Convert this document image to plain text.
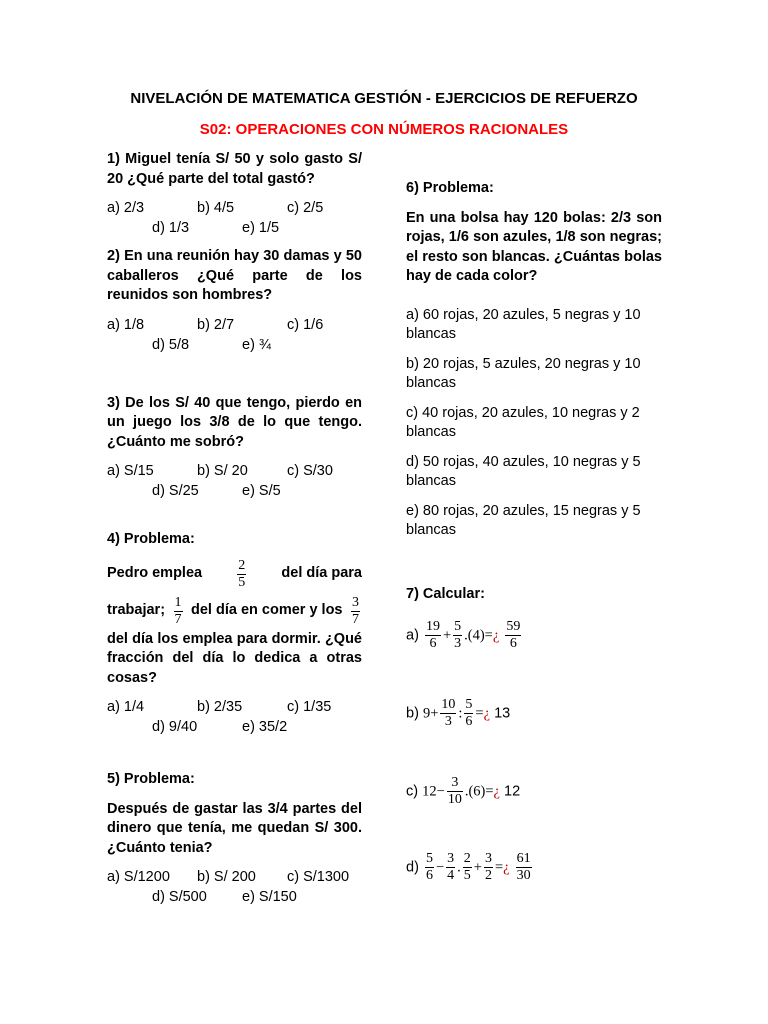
NIVELACIÓN DE MATEMATICA GESTIÓN - EJERCICIOS DE REFUERZO
S02: OPERACIONES CON NÚMEROS RACIONALES

1) Miguel tenía S/ 50 y solo gasto S/ 20 ¿Qué parte del total gastó?

a) 2/3	b) 4/5	c) 2/5
d) 1/3	e) 1/5

2) En una reunión hay 30 damas y 50 caballeros ¿Qué parte de los reunidos son hombres?

a) 1/8	b) 2/7	c) 1/6
d) 5/8	e) ¾

3) De los S/ 40 que tengo, pierdo en un juego los 3/8 de lo que tengo. ¿Cuánto me sobró?

a) S/15	b) S/ 20	c) S/30
d) S/25	e) S/5

4) Problema:

Pedro emplea	$\frac{2}{5}$ del día para
trabajar; $\frac{1}{7}$ del día en comer y los $\frac{3}{7}$

del día los emplea para dormir. ¿Qué fracción del día lo dedica a otras cosas?

a) 1/4	b) 2/35	c) 1/35
d) 9/40	e) 35/2

5) Problema:

Después de gastar las 3/4 partes del dinero que tenía, me quedan S/ 300. ¿Cuánto tenia?

a) S/1200 b) S/ 200 c) S/1300
d) S/500 e) S/150

6) Problema:

En una bolsa hay 120 bolas: 2/3 son rojas, 1/6 son azules, 1/8 son negras; el resto son blancas. ¿Cuántas bolas hay de cada color?

a) 60 rojas, 20 azules, 5 negras y 10 blancas

b) 20 rojas, 5 azules, 20 negras y 10 blancas

c) 40 rojas, 20 azules, 10 negras y 2 blancas

d) 50 rojas, 40 azules, 10 negras y 5 blancas

e) 80 rojas, 20 azules, 15 negras y 5 blancas

7) Calcular:

$a) \frac{19}{6} + \frac{5}{3}$ .(4)=¿ $\frac{59}{6}$
b) $9+ \frac{10}{3}$ : $\frac{5}{6}$ =¿ 13
c) $12- \frac{3}{10}$ .(6)=¿ 12
$d) \frac{5}{6} - \frac{3}{4}$ . $\frac{2}{5} + \frac{3}{2}$ =¿ $\frac{61}{30}$
